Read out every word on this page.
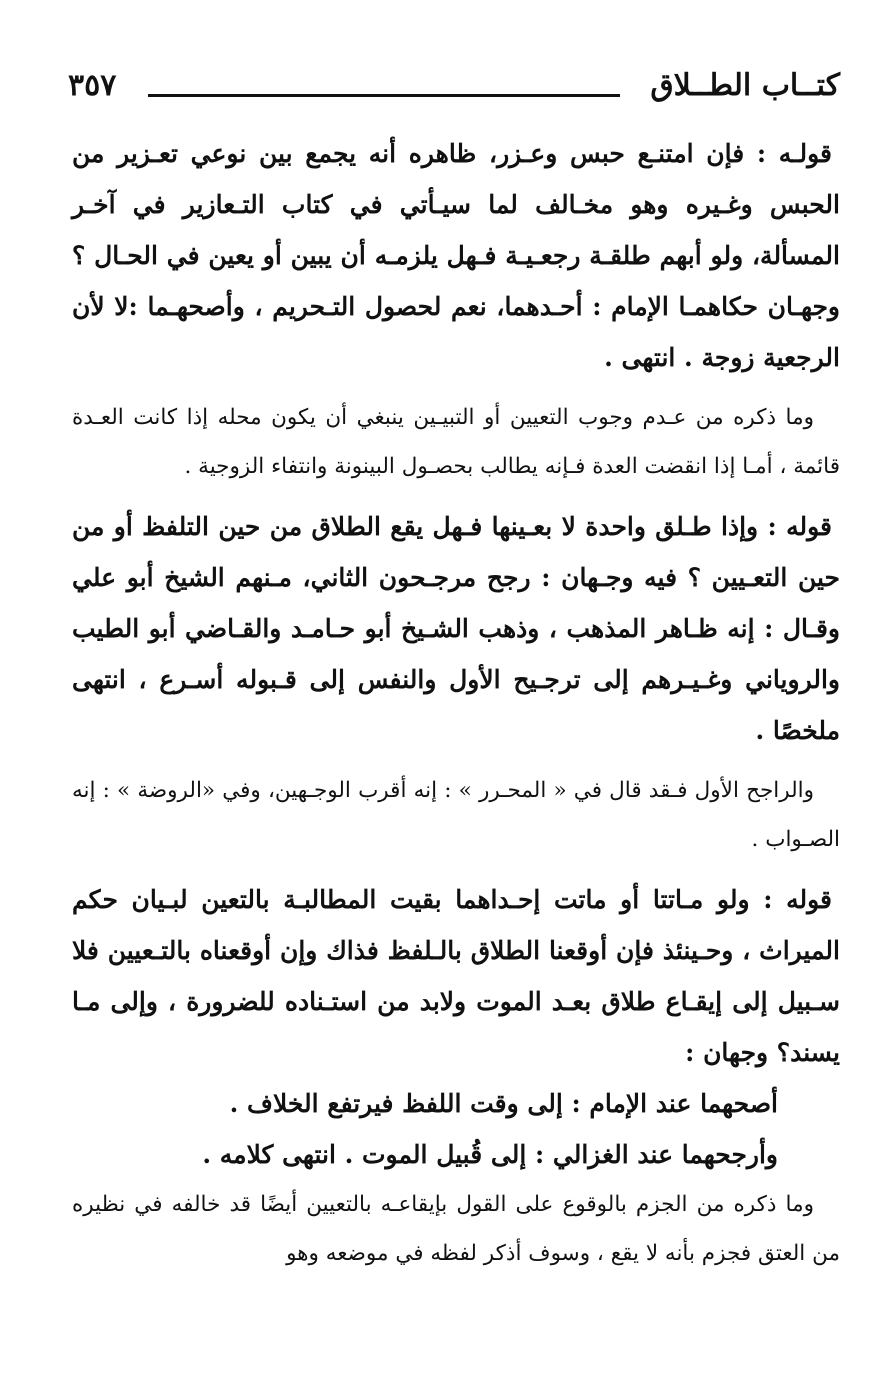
كتــاب الطــلاق
٣٥٧

قولـه : فإن امتنـع حبس وعـزر، ظاهره أنه يجمع بين نوعي تعـزير من الحبس وغـيره وهو مخـالف لما سيـأتي في كتاب التـعازير في آخـر المسألة، ولو أبهم طلقـة رجعـيـة فـهل يلزمـه أن يبين أو يعين في الحـال ؟ وجهـان حكاهمـا الإمام : أحـدهما، نعم لحصول التـحريم ، وأصحهـما :لا لأن الرجعية زوجة . انتهى .

وما ذكره من عـدم وجوب التعيين أو التبيـين ينبغي أن يكون محله إذا كانت العـدة قائمة ، أمـا إذا انقضت العدة فـإنه يطالب بحصـول البينونة وانتفاء الزوجية .

قوله : وإذا طـلق واحدة لا بعـينها فـهل يقع الطلاق من حين التلفظ أو من حين التعـيين ؟ فيه وجـهان : رجح مرجـحون الثاني، مـنهم الشيخ أبو علي وقـال : إنه ظـاهر المذهب ، وذهب الشـيخ أبو حـامـد والقـاضي أبو الطيب والروياني وغـيـرهم إلى ترجـيح الأول والنفس إلى قـبوله أسـرع ، انتهى ملخصًا .

والراجح الأول فـقد قال في « المحـرر » : إنه أقرب الوجـهين، وفي «الروضة » : إنه الصـواب .

قوله : ولو مـاتتا أو ماتت إحـداهما بقيت المطالبـة بالتعين لبـيان حكم الميراث ، وحـينئذ فإن أوقعنا الطلاق بالـلفظ فذاك وإن أوقعناه بالتـعيين فلا سـبيل إلى إيقـاع طلاق بعـد الموت ولابد من استـناده للضرورة ، وإلى مـا يسند؟ وجهان :

أصحهما عند الإمام : إلى وقت اللفظ فيرتفع الخلاف .

وأرجحهما عند الغزالي : إلى قُبيل الموت . انتهى كلامه .

وما ذكره من الجزم بالوقوع على القول بإيقاعـه بالتعيين أيضًا قد خالفه في نظيره من العتق فجزم بأنه لا يقع ، وسوف أذكر لفظه في موضعه وهو
